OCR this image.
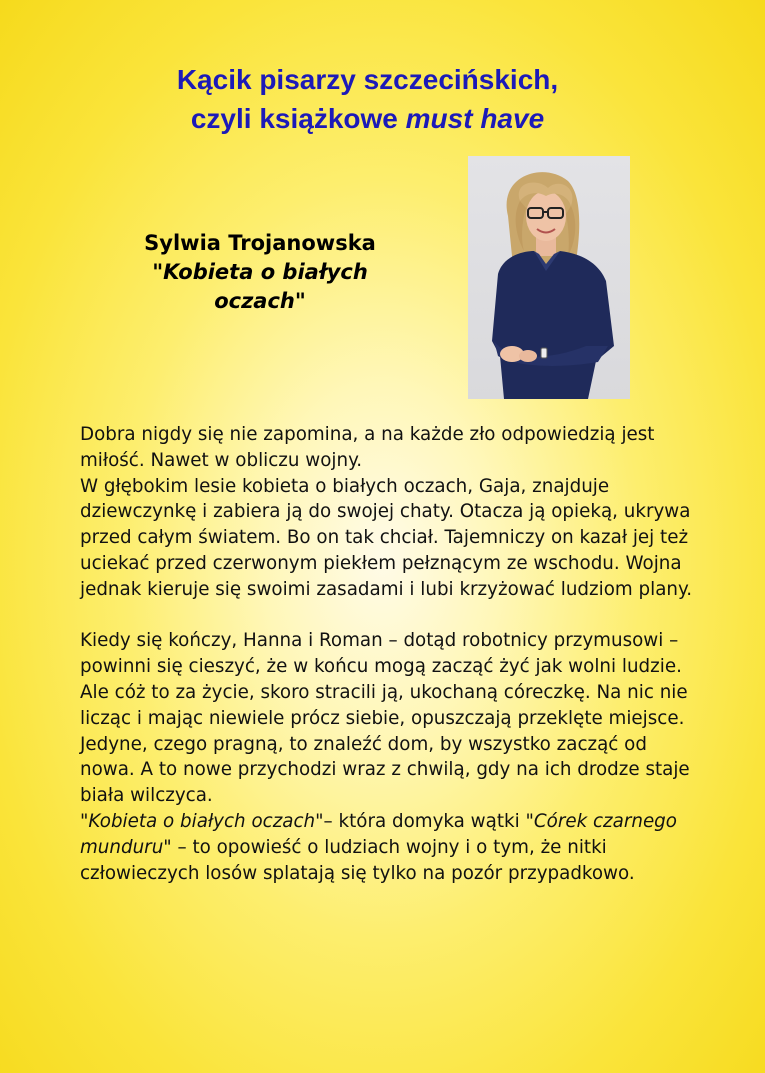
Kącik pisarzy szczecińskich,
czyli książkowe must have
Sylwia Trojanowska
"Kobieta o białych oczach"

Dobra nigdy się nie zapomina, a na każde zło odpowiedzią jest miłość. Nawet w obliczu wojny.

W głębokim lesie kobieta o białych oczach, Gaja, znajduje dziewczynkę i zabiera ją do swojej chaty. Otacza ją opieką, ukrywa przed całym światem. Bo on tak chciał. Tajemniczy on kazał jej też uciekać przed czerwonym piekłem pełznącym ze wschodu. Wojna jednak kieruje się swoimi zasadami i lubi krzyżować ludziom plany.

Kiedy się kończy, Hanna i Roman – dotąd robotnicy przymusowi – powinni się cieszyć, że w końcu mogą zacząć żyć jak wolni ludzie. Ale cóż to za życie, skoro stracili ją, ukochaną córeczkę. Na nic nie licząc i mając niewiele prócz siebie, opuszczają przeklęte miejsce. Jedyne, czego pragną, to znaleźć dom, by wszystko zacząć od nowa. A to nowe przychodzi wraz z chwilą, gdy na ich drodze staje biała wilczyca.

"Kobieta o białych oczach"– która domyka wątki "Córek czarnego munduru" – to opowieść o ludziach wojny i o tym, że nitki człowieczych losów splatają się tylko na pozór przypadkowo.
